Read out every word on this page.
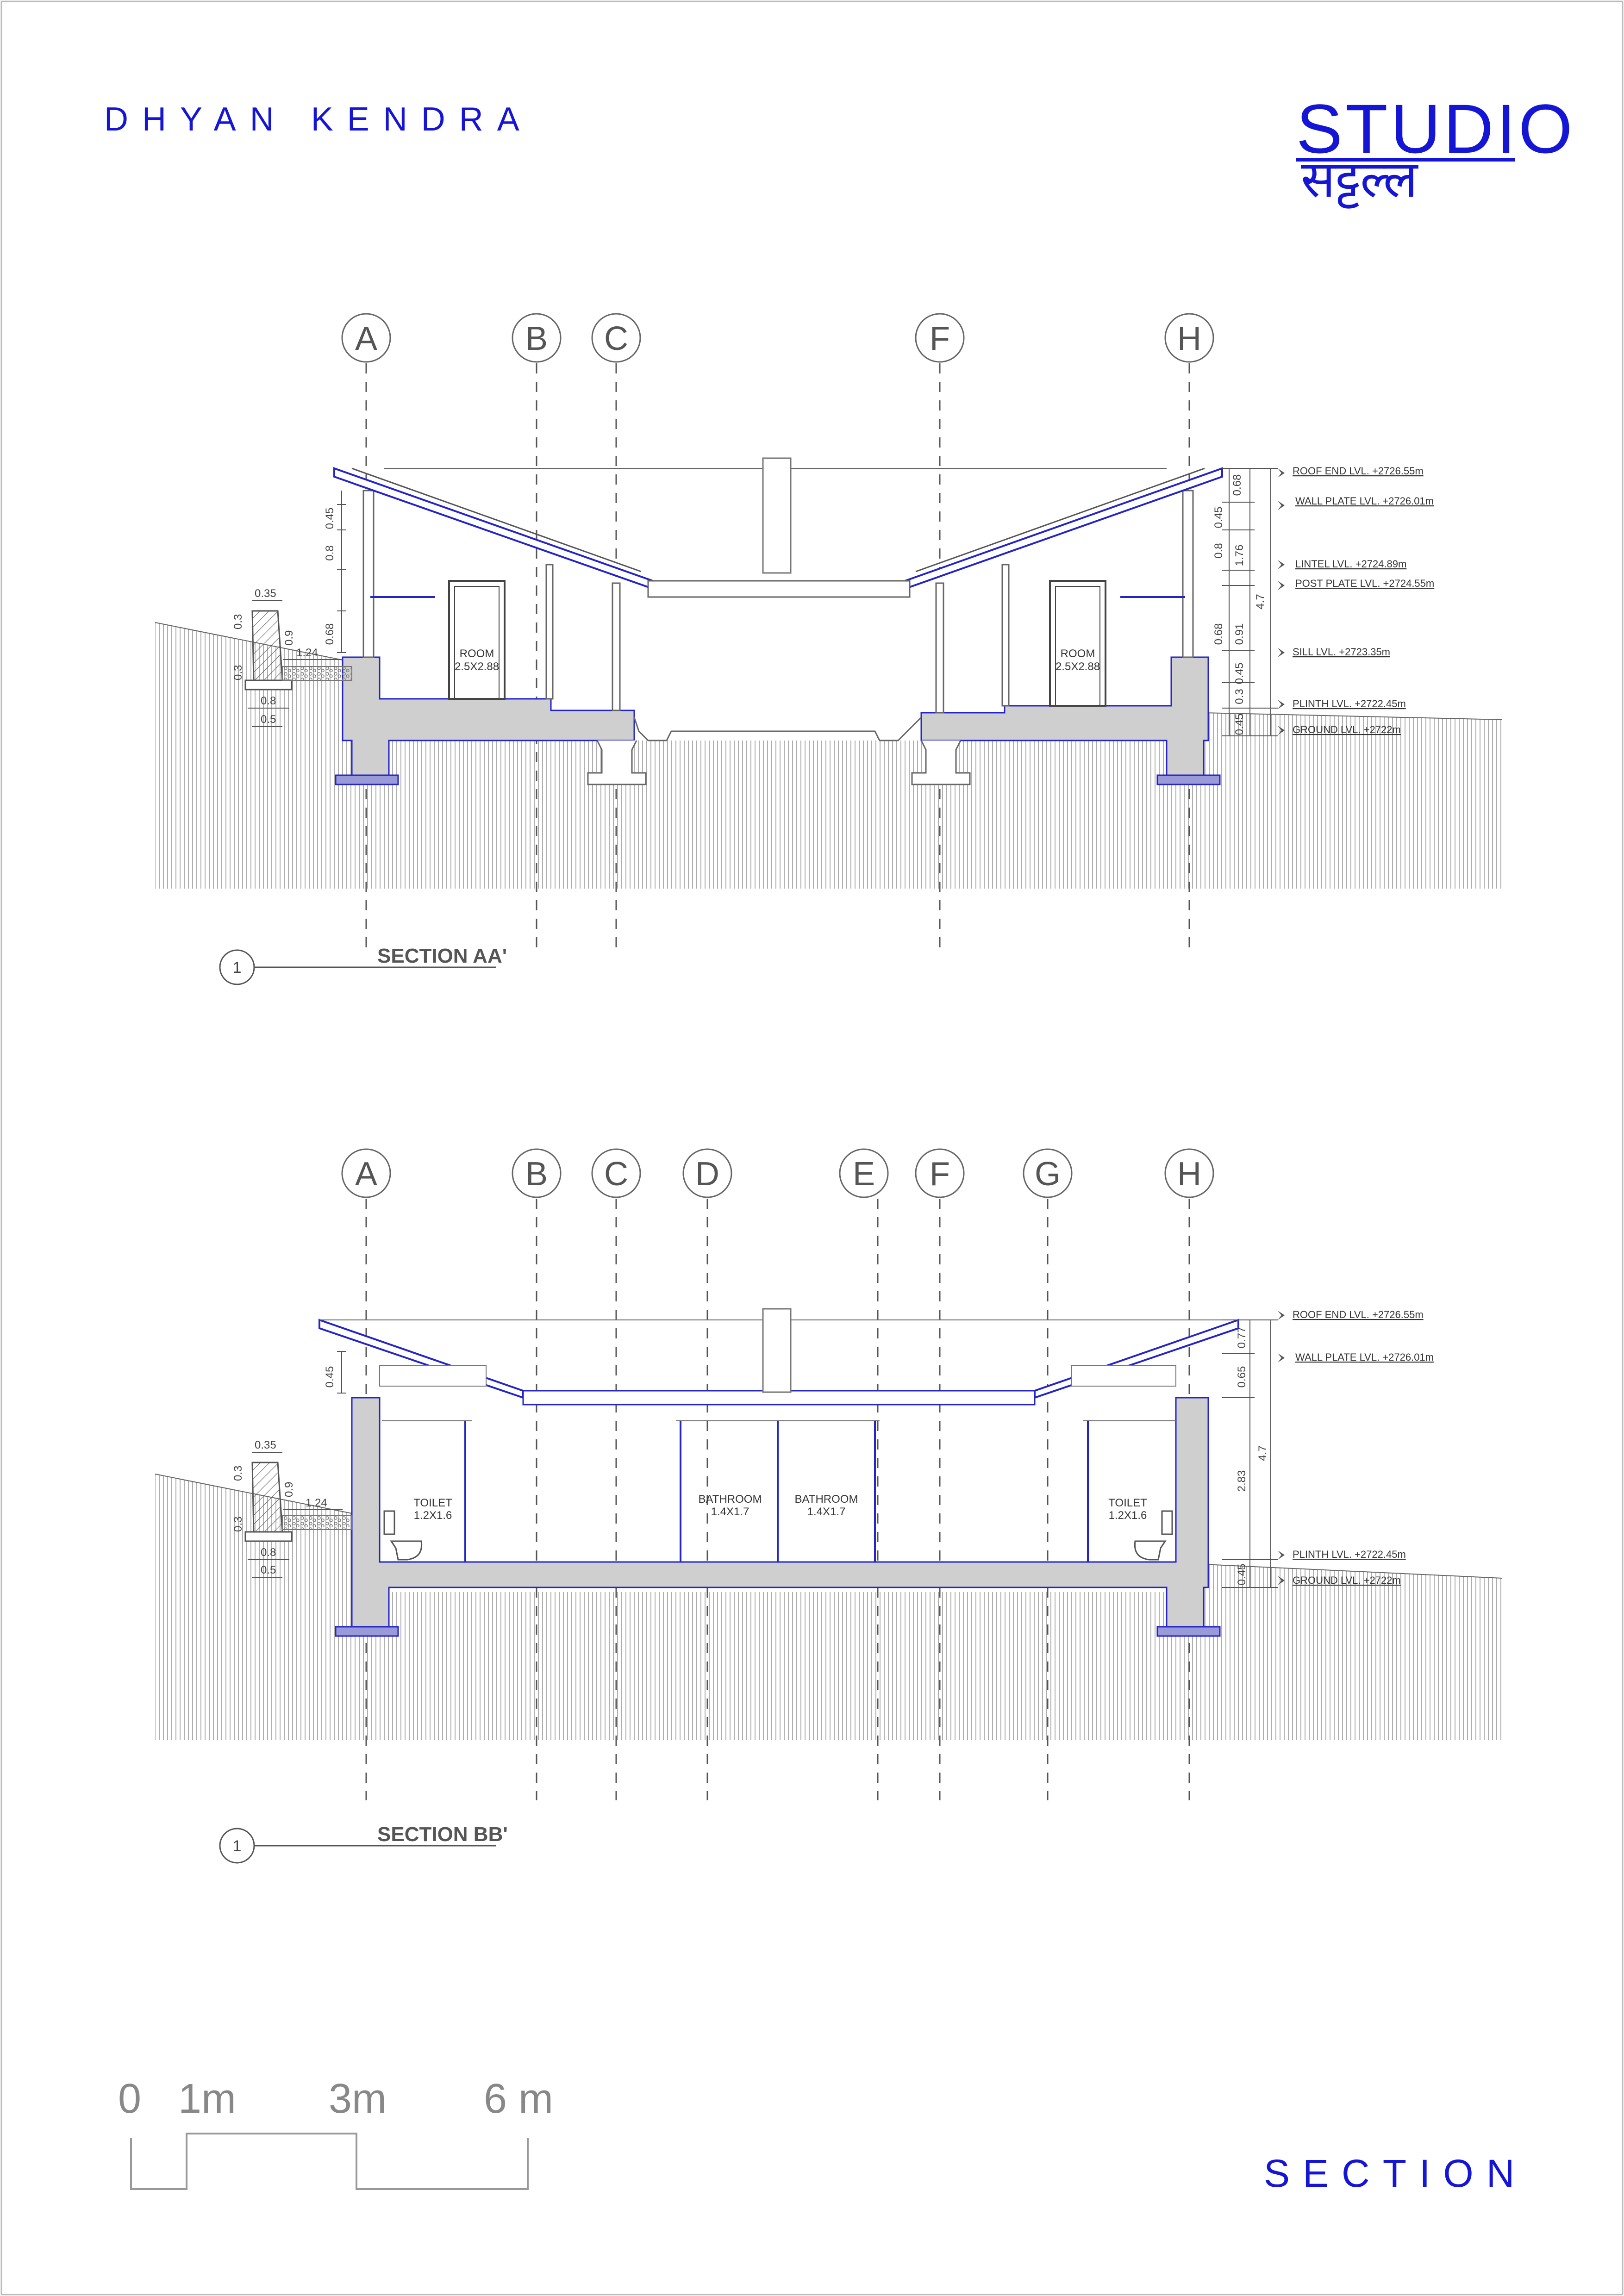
DHYAN KENDRA	STUDIO
सट्टल्ल
A	B C	F	H
ROOM
2.5X2.88
ROOM
2.5X2.88
0.45
0.8
0.68
0.35
0.3
0.9
1.24
0.3
0.8
0.5
0.68
0.45
0.8 1.76
4.7
0.68 0.91
0.45
0.3
0.45
ROOF END LVL. +2726.55m
WALL PLATE LVL. +2726.01m
LINTEL LVL. +2724.89m
POST PLATE LVL. +2724.55m
SILL LVL. +2723.35m
PLINTH LVL. +2722.45m
GROUND LVL. +2722m
1
SECTION AA'
A	B C D	E F	G	H
TOILET
1.2X1.6
BATHROOM
1.4X1.7
BATHROOM
1.4X1.7
TOILET
1.2X1.6
0.45
0.35
0.3
0.9
1.24
0.3
0.8
0.5
0.77
0.65
4.7
2.83
0.45
ROOF END LVL. +2726.55m
WALL PLATE LVL. +2726.01m
PLINTH LVL. +2722.45m
GROUND LVL. +2722m
1
SECTION BB'
0 1m 3m 6 m
SECTION
